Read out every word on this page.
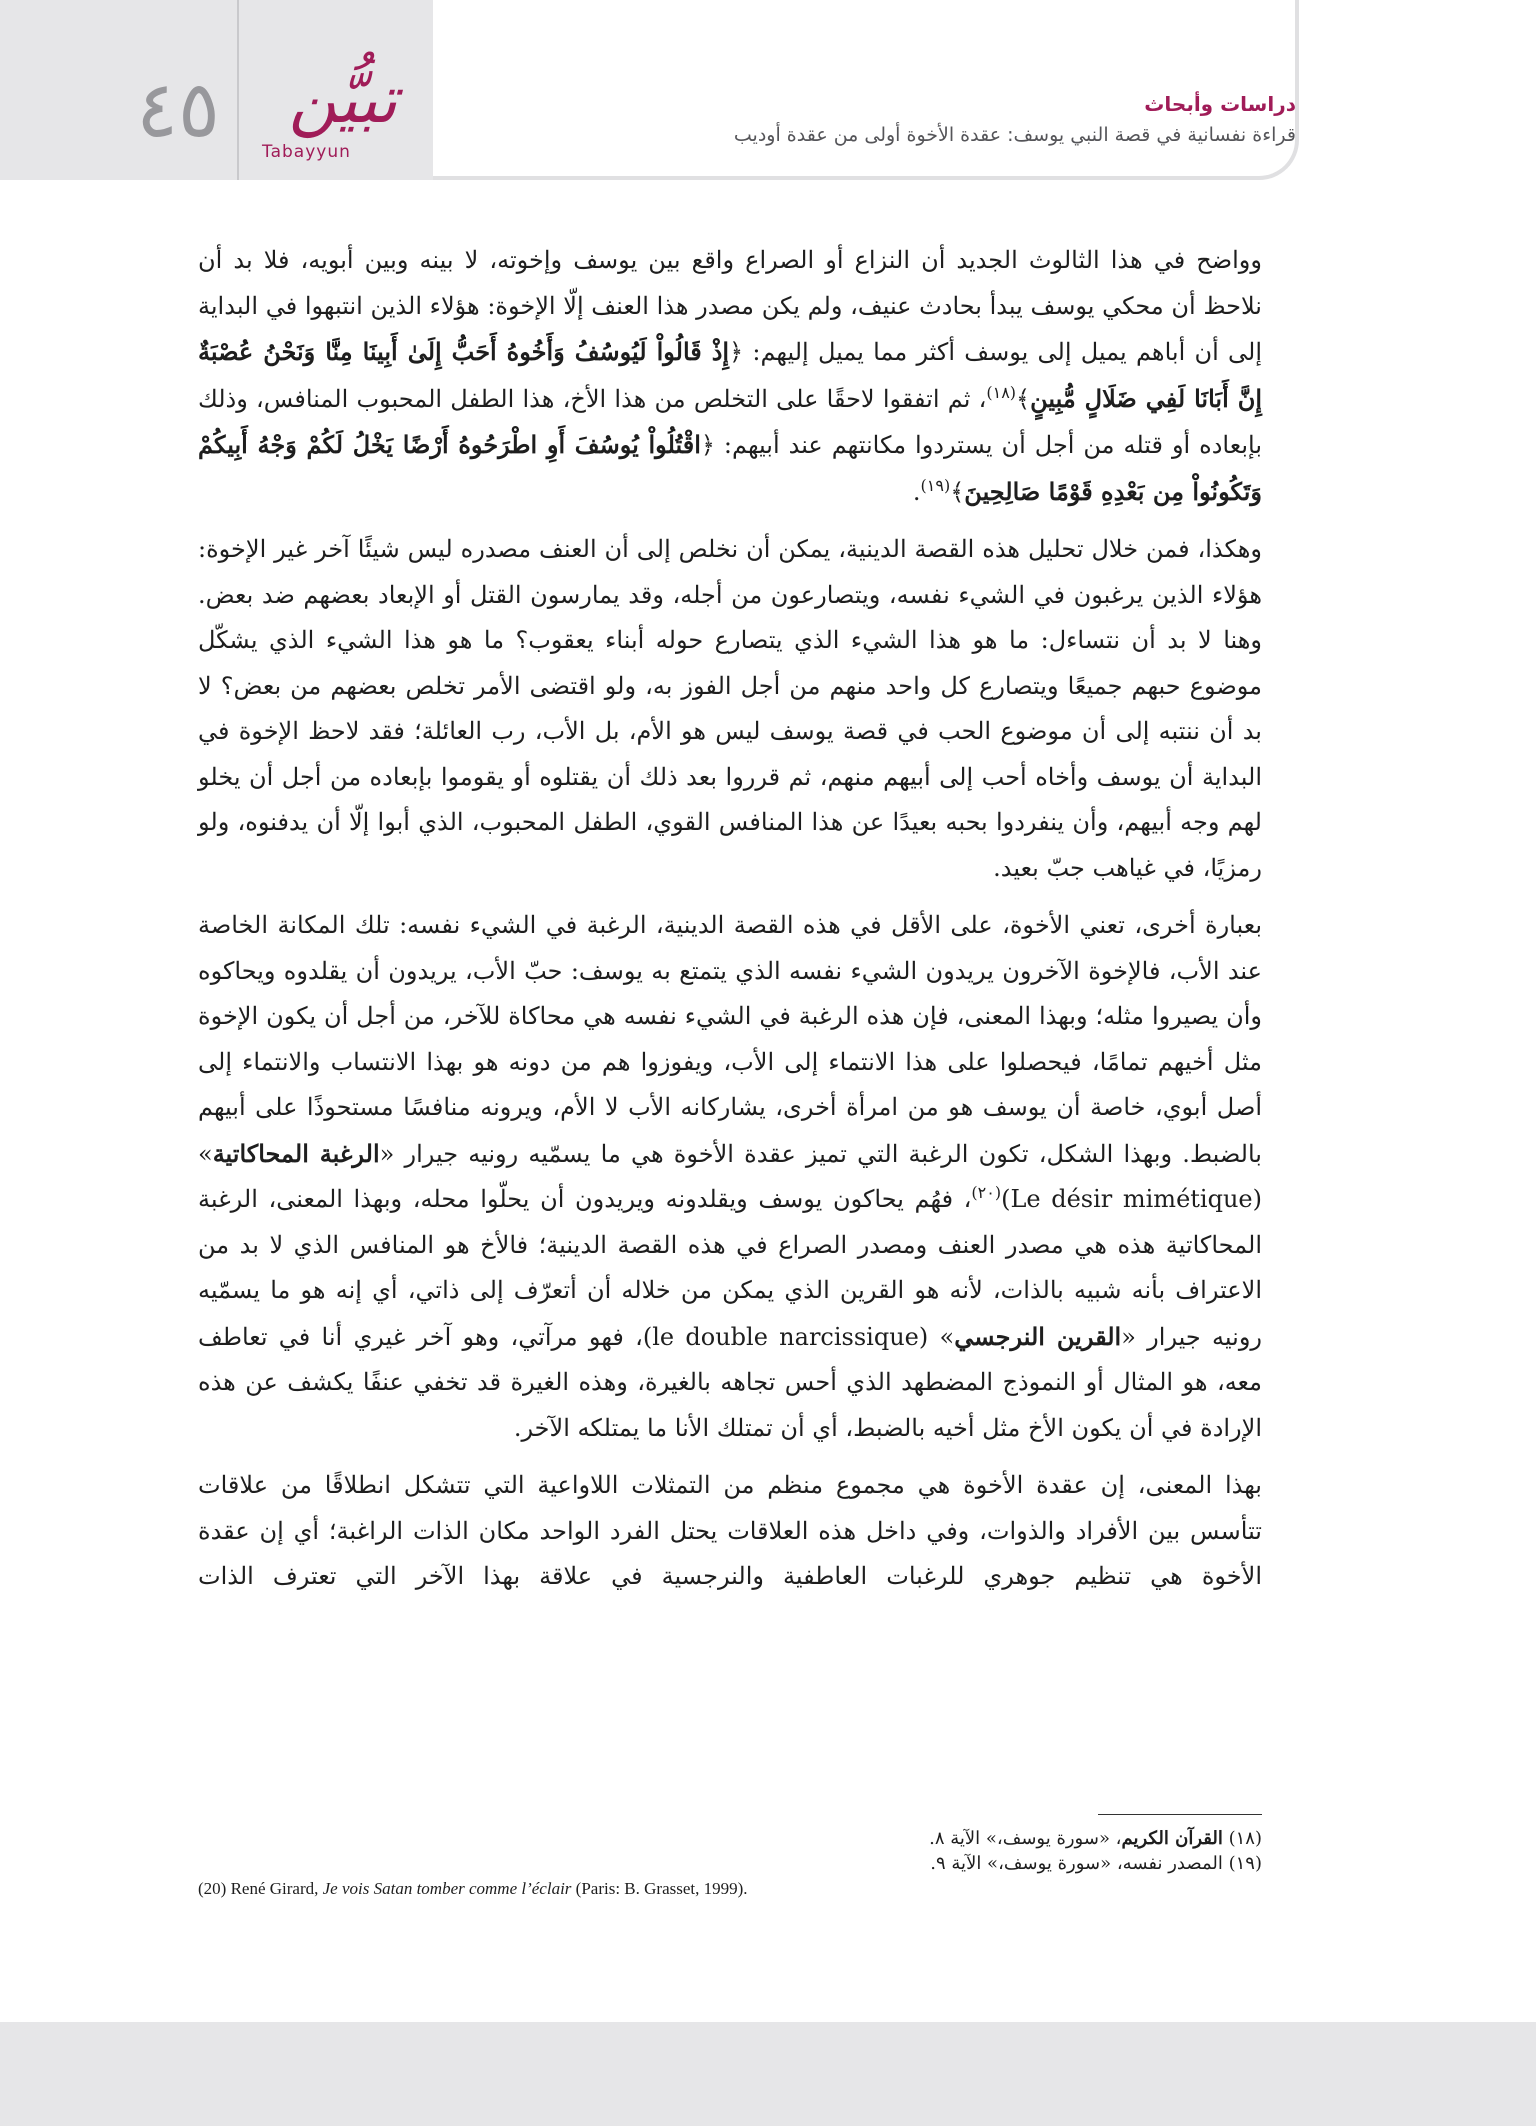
٤٥	تبيُّن
Tabayyun
دراسات وأبحاث
قراءة نفسانية في قصة النبي يوسف: عقدة الأخوة أولى من عقدة أوديب

وواضح في هذا الثالوث الجديد أن النزاع أو الصراع واقع بين يوسف وإخوته، لا بينه وبين أبويه، فلا بد أن نلاحظ أن محكي يوسف يبدأ بحادث عنيف، ولم يكن مصدر هذا العنف إلّا الإخوة: هؤلاء الذين انتبهوا في البداية إلى أن أباهم يميل إلى يوسف أكثر مما يميل إليهم: ﴿إِذْ قَالُواْ لَيُوسُفُ وَأَخُوهُ أَحَبُّ إِلَىٰ أَبِينَا مِنَّا وَنَحْنُ عُصْبَةٌ إِنَّ أَبَانَا لَفِي ضَلَالٍ مُّبِينٍ﴾$^{(١٨)}$، ثم اتفقوا لاحقًا على التخلص من هذا الأخ، هذا الطفل المحبوب المنافس، وذلك بإبعاده أو قتله من أجل أن يستردوا مكانتهم عند أبيهم: ﴿اقْتُلُواْ يُوسُفَ أَوِ اطْرَحُوهُ أَرْضًا يَخْلُ لَكُمْ وَجْهُ أَبِيكُمْ وَتَكُونُواْ مِن بَعْدِهِ قَوْمًا صَالِحِينَ﴾$^{(١٩)}$.

وهكذا، فمن خلال تحليل هذه القصة الدينية، يمكن أن نخلص إلى أن العنف مصدره ليس شيئًا آخر غير الإخوة: هؤلاء الذين يرغبون في الشيء نفسه، ويتصارعون من أجله، وقد يمارسون القتل أو الإبعاد بعضهم ضد بعض. وهنا لا بد أن نتساءل: ما هو هذا الشيء الذي يتصارع حوله أبناء يعقوب؟ ما هو هذا الشيء الذي يشكّل موضوع حبهم جميعًا ويتصارع كل واحد منهم من أجل الفوز به، ولو اقتضى الأمر تخلص بعضهم من بعض؟ لا بد أن ننتبه إلى أن موضوع الحب في قصة يوسف ليس هو الأم، بل الأب، رب العائلة؛ فقد لاحظ الإخوة في البداية أن يوسف وأخاه أحب إلى أبيهم منهم، ثم قرروا بعد ذلك أن يقتلوه أو يقوموا بإبعاده من أجل أن يخلو لهم وجه أبيهم، وأن ينفردوا بحبه بعيدًا عن هذا المنافس القوي، الطفل المحبوب، الذي أبوا إلّا أن يدفنوه، ولو رمزيًا، في غياهب جبّ بعيد.

بعبارة أخرى، تعني الأخوة، على الأقل في هذه القصة الدينية، الرغبة في الشيء نفسه: تلك المكانة الخاصة عند الأب، فالإخوة الآخرون يريدون الشيء نفسه الذي يتمتع به يوسف: حبّ الأب، يريدون أن يقلدوه ويحاكوه وأن يصيروا مثله؛ وبهذا المعنى، فإن هذه الرغبة في الشيء نفسه هي محاكاة للآخر، من أجل أن يكون الإخوة مثل أخيهم تمامًا، فيحصلوا على هذا الانتماء إلى الأب، ويفوزوا هم من دونه هو بهذا الانتساب والانتماء إلى أصل أبوي، خاصة أن يوسف هو من امرأة أخرى، يشاركانه الأب لا الأم، ويرونه منافسًا مستحوذًا على أبيهم بالضبط. وبهذا الشكل، تكون الرغبة التي تميز عقدة الأخوة هي ما يسمّيه رونيه جيرار «الرغبة المحاكاتية» (Le désir mimétique)$^{(٢٠)}$، فهُم يحاكون يوسف ويقلدونه ويريدون أن يحلّوا محله، وبهذا المعنى، الرغبة المحاكاتية هذه هي مصدر العنف ومصدر الصراع في هذه القصة الدينية؛ فالأخ هو المنافس الذي لا بد من الاعتراف بأنه شبيه بالذات، لأنه هو القرين الذي يمكن من خلاله أن أتعرّف إلى ذاتي، أي إنه هو ما يسمّيه رونيه جيرار «القرين النرجسي» (le double narcissique)، فهو مرآتي، وهو آخر غيري أنا في تعاطف معه، هو المثال أو النموذج المضطهد الذي أحس تجاهه بالغيرة، وهذه الغيرة قد تخفي عنفًا يكشف عن هذه الإرادة في أن يكون الأخ مثل أخيه بالضبط، أي أن تمتلك الأنا ما يمتلكه الآخر.

بهذا المعنى، إن عقدة الأخوة هي مجموع منظم من التمثلات اللاواعية التي تتشكل انطلاقًا من علاقات تتأسس بين الأفراد والذوات، وفي داخل هذه العلاقات يحتل الفرد الواحد مكان الذات الراغبة؛ أي إن عقدة الأخوة هي تنظيم جوهري للرغبات العاطفية والنرجسية في علاقة بهذا الآخر التي تعترف الذات

(١٨) القرآن الكريم، «سورة يوسف،» الآية ٨.
(١٩) المصدر نفسه، «سورة يوسف،» الآية ٩.
(20) René Girard, Je vois Satan tomber comme l’éclair (Paris: B. Grasset, 1999).
